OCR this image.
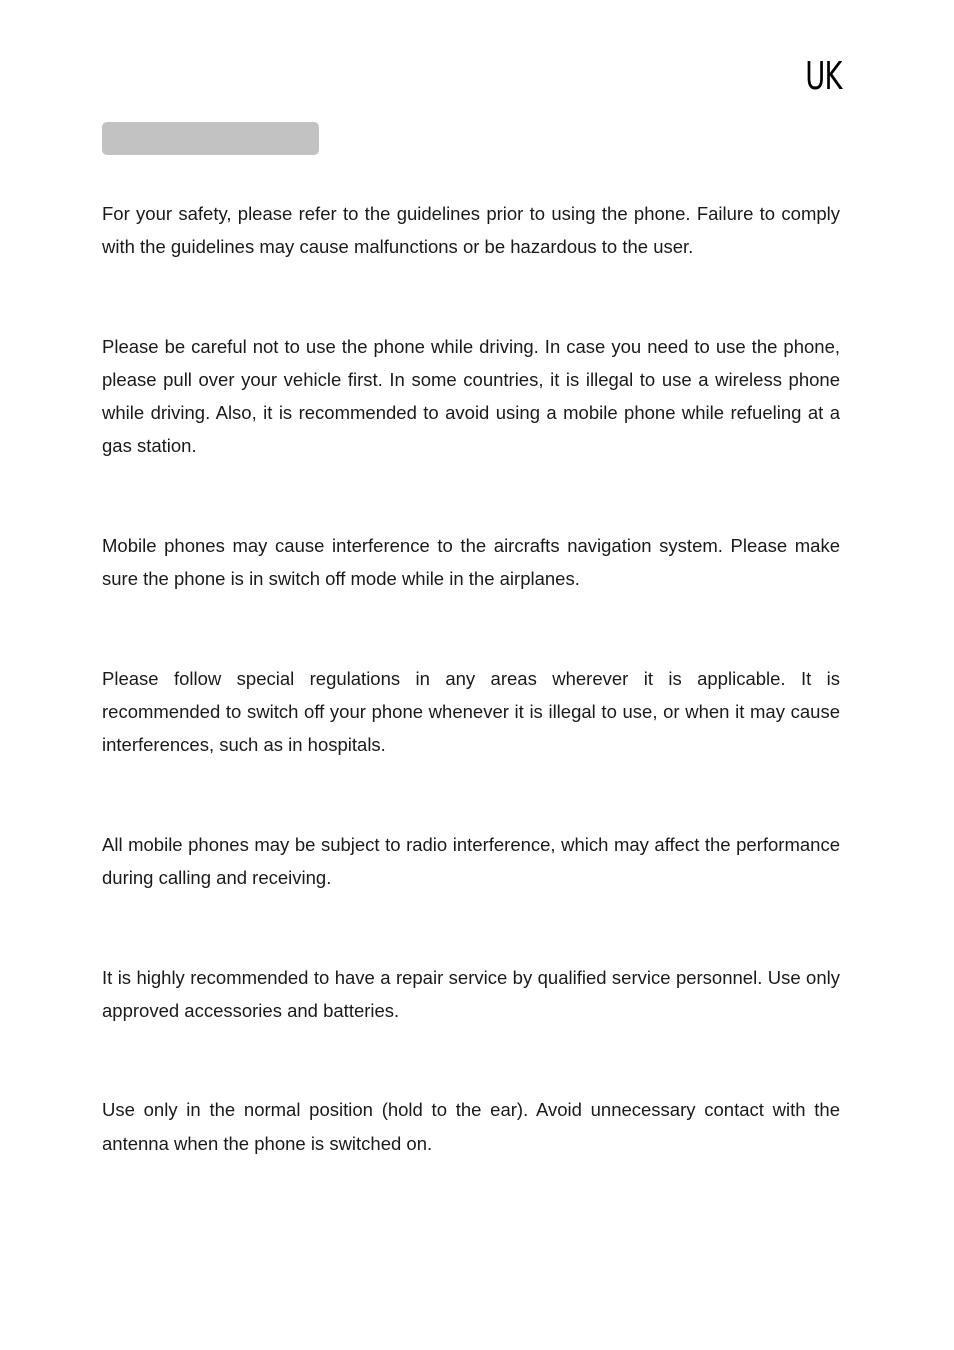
UK

For your safety, please refer to the guidelines prior to using the phone. Failure to comply with the guidelines may cause malfunctions or be hazardous to the user.

Please be careful not to use the phone while driving. In case you need to use the phone, please pull over your vehicle first. In some countries, it is illegal to use a wireless phone while driving. Also, it is recommended to avoid using a mobile phone while refueling at a gas station.

Mobile phones may cause interference to the aircrafts navigation system. Please make sure the phone is in switch off mode while in the airplanes.

Please follow special regulations in any areas wherever it is applicable. It is recommended to switch off your phone whenever it is illegal to use, or when it may cause interferences, such as in hospitals.

All mobile phones may be subject to radio interference, which may affect the performance during calling and receiving.

It is highly recommended to have a repair service by qualified service personnel. Use only approved accessories and batteries.

Use only in the normal position (hold to the ear). Avoid unnecessary contact with the antenna when the phone is switched on.
